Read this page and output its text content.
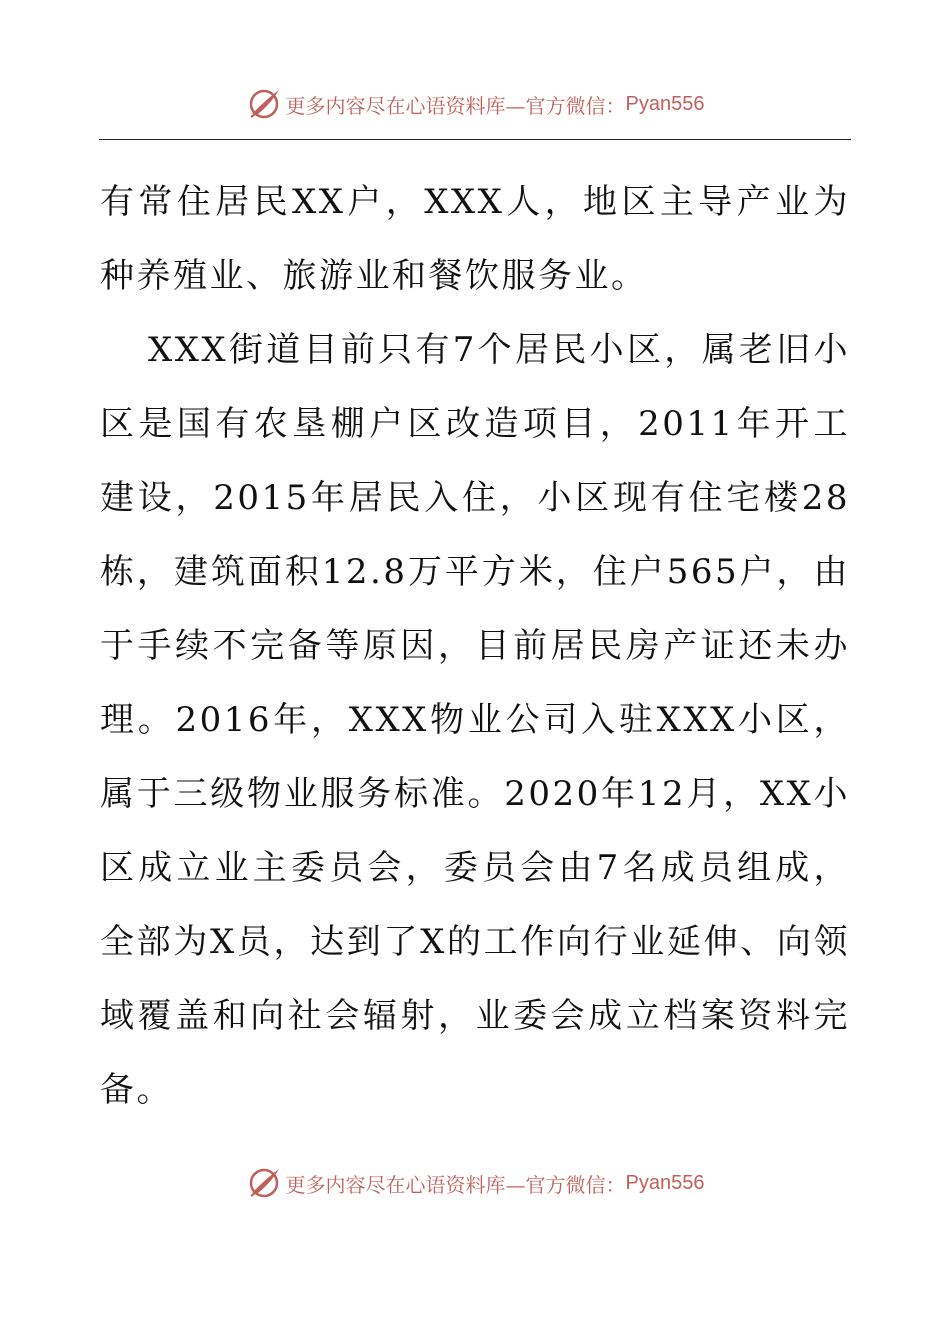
更多内容尽在心语资料库—官方微信： Pyan556

有常住居民XX户，XXX人，地区主导产业为种养殖业、旅游业和餐饮服务业。

XXX街道目前只有7个居民小区，属老旧小区是国有农垦棚户区改造项目，2011年开工建设，2015年居民入住，小区现有住宅楼28栋，建筑面积12.8万平方米，住户565户，由于手续不完备等原因，目前居民房产证还未办理。2016年，XXX物业公司入驻XXX小区，属于三级物业服务标准。2020年12月，XX小区成立业主委员会，委员会由7名成员组成，全部为X员，达到了X的工作向行业延伸、向领域覆盖和向社会辐射，业委会成立档案资料完备。

更多内容尽在心语资料库—官方微信： Pyan556
